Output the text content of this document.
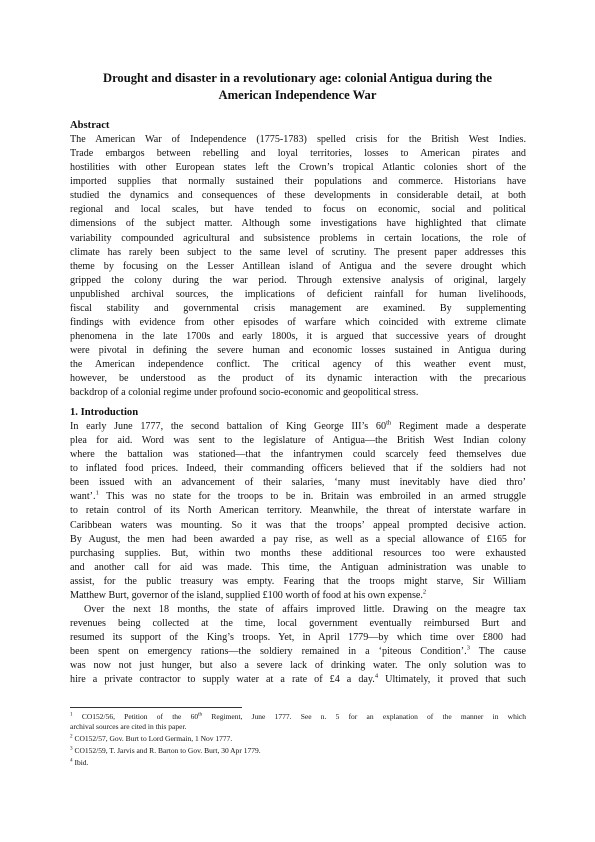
Drought and disaster in a revolutionary age: colonial Antigua during the
American Independence War
Abstract
The American War of Independence (1775-1783) spelled crisis for the British West Indies.
Trade embargos between rebelling and loyal territories, losses to American pirates and
hostilities with other European states left the Crown’s tropical Atlantic colonies short of the
imported supplies that normally sustained their populations and commerce. Historians have
studied the dynamics and consequences of these developments in considerable detail, at both
regional and local scales, but have tended to focus on economic, social and political
dimensions of the subject matter. Although some investigations have highlighted that climate
variability compounded agricultural and subsistence problems in certain locations, the role of
climate has rarely been subject to the same level of scrutiny. The present paper addresses this
theme by focusing on the Lesser Antillean island of Antigua and the severe drought which
gripped the colony during the war period. Through extensive analysis of original, largely
unpublished archival sources, the implications of deficient rainfall for human livelihoods,
fiscal stability and governmental crisis management are examined. By supplementing
findings with evidence from other episodes of warfare which coincided with extreme climate
phenomena in the late 1700s and early 1800s, it is argued that successive years of drought
were pivotal in defining the severe human and economic losses sustained in Antigua during
the American independence conflict. The critical agency of this weather event must,
however, be understood as the product of its dynamic interaction with the precarious
backdrop of a colonial regime under profound socio-economic and geopolitical stress.
1. Introduction
In early June 1777, the second battalion of King George III’s 60th Regiment made a desperate
plea for aid. Word was sent to the legislature of Antigua—the British West Indian colony
where the battalion was stationed—that the infantrymen could scarcely feed themselves due
to inflated food prices. Indeed, their commanding officers believed that if the soldiers had not
been issued with an advancement of their salaries, ‘many must inevitably have died thro’
want’.$^1$ This was no state for the troops to be in. Britain was embroiled in an armed struggle
to retain control of its North American territory. Meanwhile, the threat of interstate warfare in
Caribbean waters was mounting. So it was that the troops’ appeal prompted decisive action.
By August, the men had been awarded a pay rise, as well as a special allowance of £165 for
purchasing supplies. But, within two months these additional resources too were exhausted
and another call for aid was made. This time, the Antiguan administration was unable to
assist, for the public treasury was empty. Fearing that the troops might starve, Sir William
Matthew Burt, governor of the island, supplied £100 worth of food at his own expense.$^2$
Over the next 18 months, the state of affairs improved little. Drawing on the meagre tax
revenues being collected at the time, local government eventually reimbursed Burt and
resumed its support of the King’s troops. Yet, in April 1779—by which time over £800 had
been spent on emergency rations—the soldiery remained in a ‘piteous Condition’.$^3$ The cause
was now not just hunger, but also a severe lack of drinking water. The only solution was to
hire a private contractor to supply water at a rate of £4 a day.$^4$ Ultimately, it proved that such
$^1$ CO152/56, Petition of the 60th Regiment, June 1777. See n. 5 for an explanation of the manner in which
archival sources are cited in this paper.
$^2$ CO152/57, Gov. Burt to Lord Germain, 1 Nov 1777.
$^3$ CO152/59, T. Jarvis and R. Barton to Gov. Burt, 30 Apr 1779.
$^4$ Ibid.
